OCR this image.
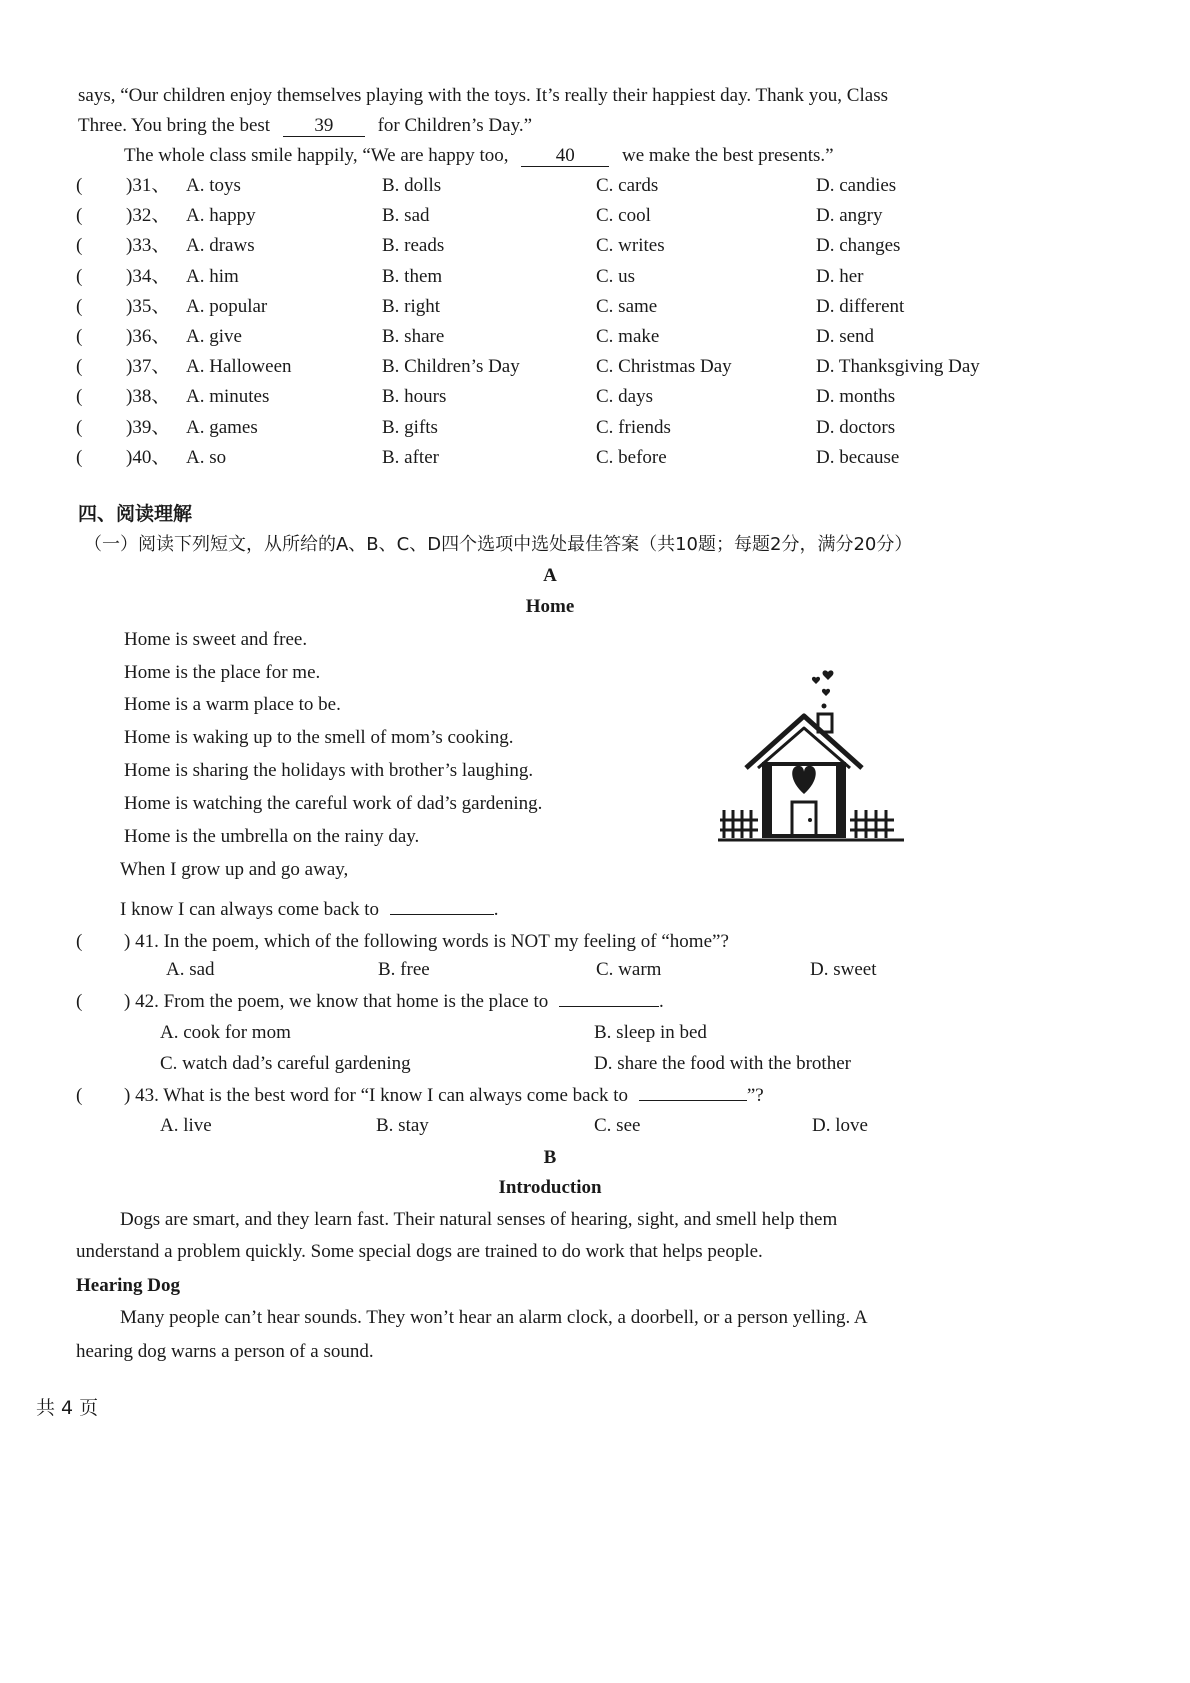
says, “Our children enjoy themselves playing with the toys. It’s really their happiest day. Thank you, Class
Three. You bring the best 39 for Children’s Day.”
The whole class smile happily, “We are happy too, 40 we make the best presents.”
( )31、 A. toys	B. dolls	C. cards	D. candies
( )32、 A. happy	B. sad	C. cool	D. angry
( )33、 A. draws	B. reads	C. writes	D. changes
( )34、 A. him	B. them	C. us	D. her
( )35、 A. popular	B. right	C. same	D. different
( )36、 A. give	B. share	C. make	D. send
( )37、 A. Halloween	B. Children’s Day	C. Christmas Day	D. Thanksgiving Day
( )38、 A. minutes	B. hours	C. days	D. months
( )39、 A. games	B. gifts	C. friends	D. doctors
( )40、 A. so	B. after	C. before	D. because
四、阅读理解
（一）阅读下列短文，从所给的A、B、C、D四个选项中选处最佳答案（共10题；每题2分，满分20分）
A
Home
Home is sweet and free.
Home is the place for me.
Home is a warm place to be.
Home is waking up to the smell of mom’s cooking.
Home is sharing the holidays with brother’s laughing.
Home is watching the careful work of dad’s gardening.
Home is the umbrella on the rainy day.
When I grow up and go away,
I know I can always come back to	.
( ) 41. In the poem, which of the following words is NOT my feeling of “home”?
A. sad	B. free	C. warm	D. sweet
( ) 42. From the poem, we know that home is the place to	.
A. cook for mom	B. sleep in bed
C. watch dad’s careful gardening	D. share the food with the brother
( ) 43. What is the best word for “I know I can always come back to	”?
A. live	B. stay	C. see	D. love
B
Introduction
Dogs are smart, and they learn fast. Their natural senses of hearing, sight, and smell help them
understand a problem quickly. Some special dogs are trained to do work that helps people.
Hearing Dog
Many people can’t hear sounds. They won’t hear an alarm clock, a doorbell, or a person yelling. A
hearing dog warns a person of a sound.
共 4 页
